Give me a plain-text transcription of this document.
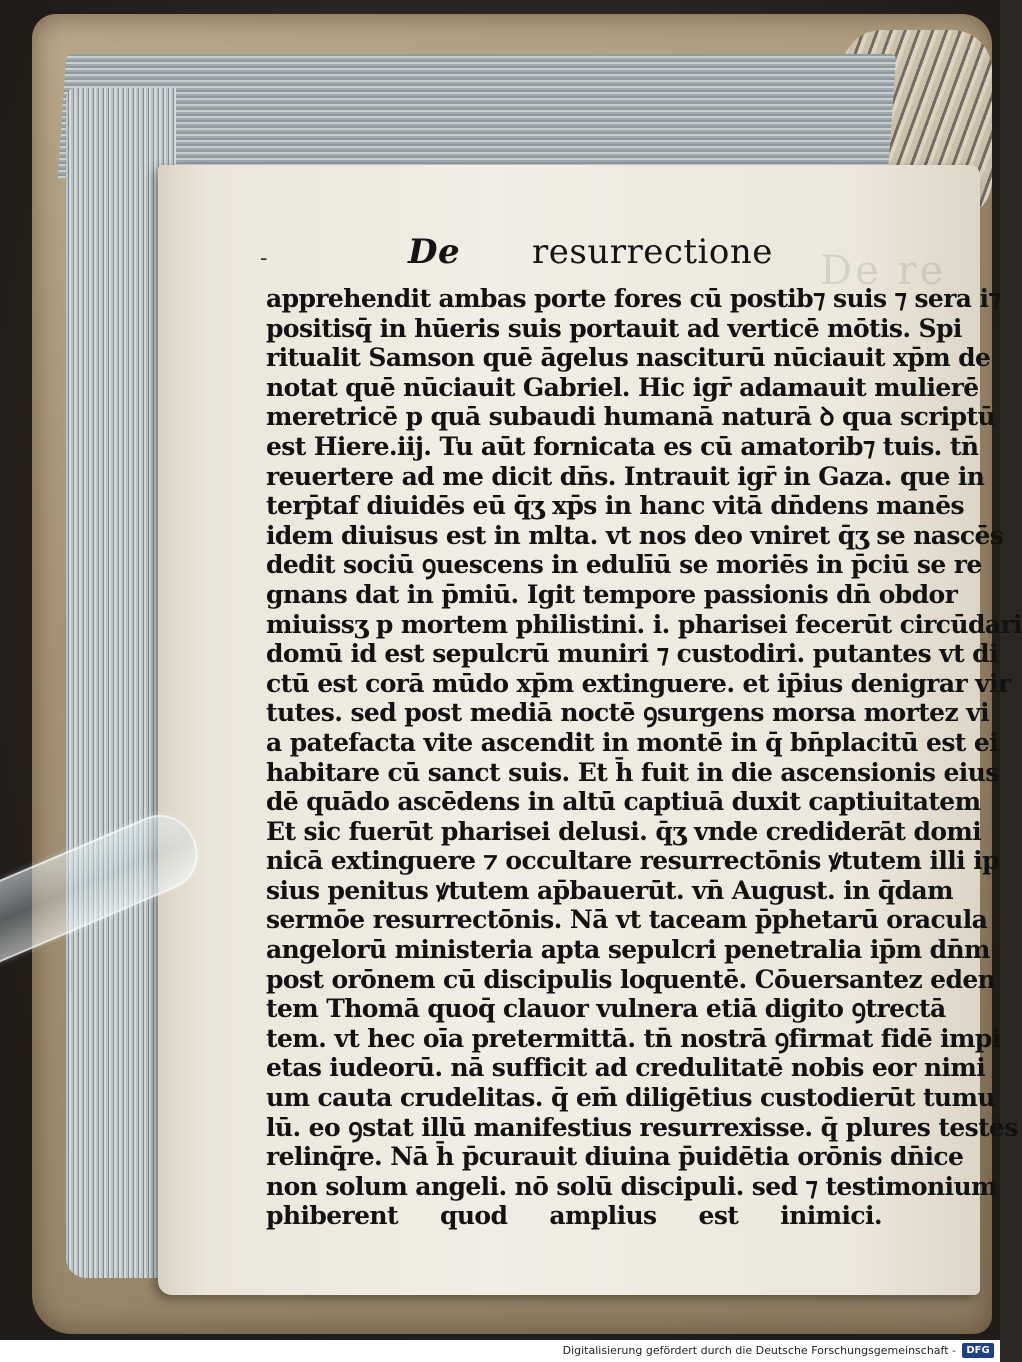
De re
-	De resurrectione
apprehendit ambas porte fores cū postib⁊ suis ⁊ sera i⁊
positisq̄ in hūeris suis portauit ad verticē mōtis. Spi
ritualit Samson quē āgelus nasciturū nūciauit xp̄m de
notat quē nūciauit Gabriel. Hic igr̄ adamauit mulierē
meretricē p quā subaudi humanā naturā ꝺ qua scriptū
est Hiere.iij. Tu aūt fornicata es cū amatorib⁊ tuis. tn̄
reuertere ad me dicit dn̄s. Intrauit igr̄ in Gaza. que in
terp̄taf diuidēs eū q̄ʒ xp̄s in hanc vitā dn̄dens manēs
idem diuisus est in mlta. vt nos deo vniret q̄ʒ se nascēs
dedit sociū ꝯuescens in edulīū se moriēs in p̄ciū se re
gnans dat in p̄miū. Igit tempore passionis dn̄ obdor
miuissʒ p mortem philistini. i. pharisei fecerūt circūdari
domū id est sepulcrū muniri ⁊ custodiri. putantes vt di
ctū est corā mūdo xp̄m extinguere. et ip̄ius denigrar vir
tutes. sed post mediā noctē ꝯsurgens morsa mortez vi
a patefacta vite ascendit in montē in q̄ bn̄placitū est ei
habitare cū sanct suis. Et h̄ fuit in die ascensionis eius
dē quādo ascēdens in altū captiuā duxit captiuitatem
Et sic fuerūt pharisei delusi. q̄ʒ vnde crediderāt domi
nicā extinguere ⁊ occultare resurrectōnis ꝟtutem illi ip
sius penitus ꝟtutem ap̄bauerūt. vn̄ August. in q̄dam
sermōe resurrectōnis. Nā vt taceam p̄phetarū oracula
angelorū ministeria apta sepulcri penetralia ip̄m dn̄m
post orōnem cū discipulis loquentē. Cōuersantez eden
tem Thomā quoq̄ clauor vulnera etiā digito ꝯtrectā
tem. vt hec oīa pretermittā. tn̄ nostrā ꝯfirmat fidē impi
etas iudeorū. nā sufficit ad credulitatē nobis eor nimi
um cauta crudelitas. q̄ em̄ diligētius custodierūt tumu
lū. eo ꝯstat illū manifestius resurrexisse. q̄ plures testes
relinq̄re. Nā h̄ p̄curauit diuina p̄uidētia orōnis dn̄ice
non solum angeli. nō solū discipuli. sed ⁊ testimonium
phiberent quod amplius est inimici.
Digitalisierung gefördert durch die Deutsche Forschungsgemeinschaft -	DFG
